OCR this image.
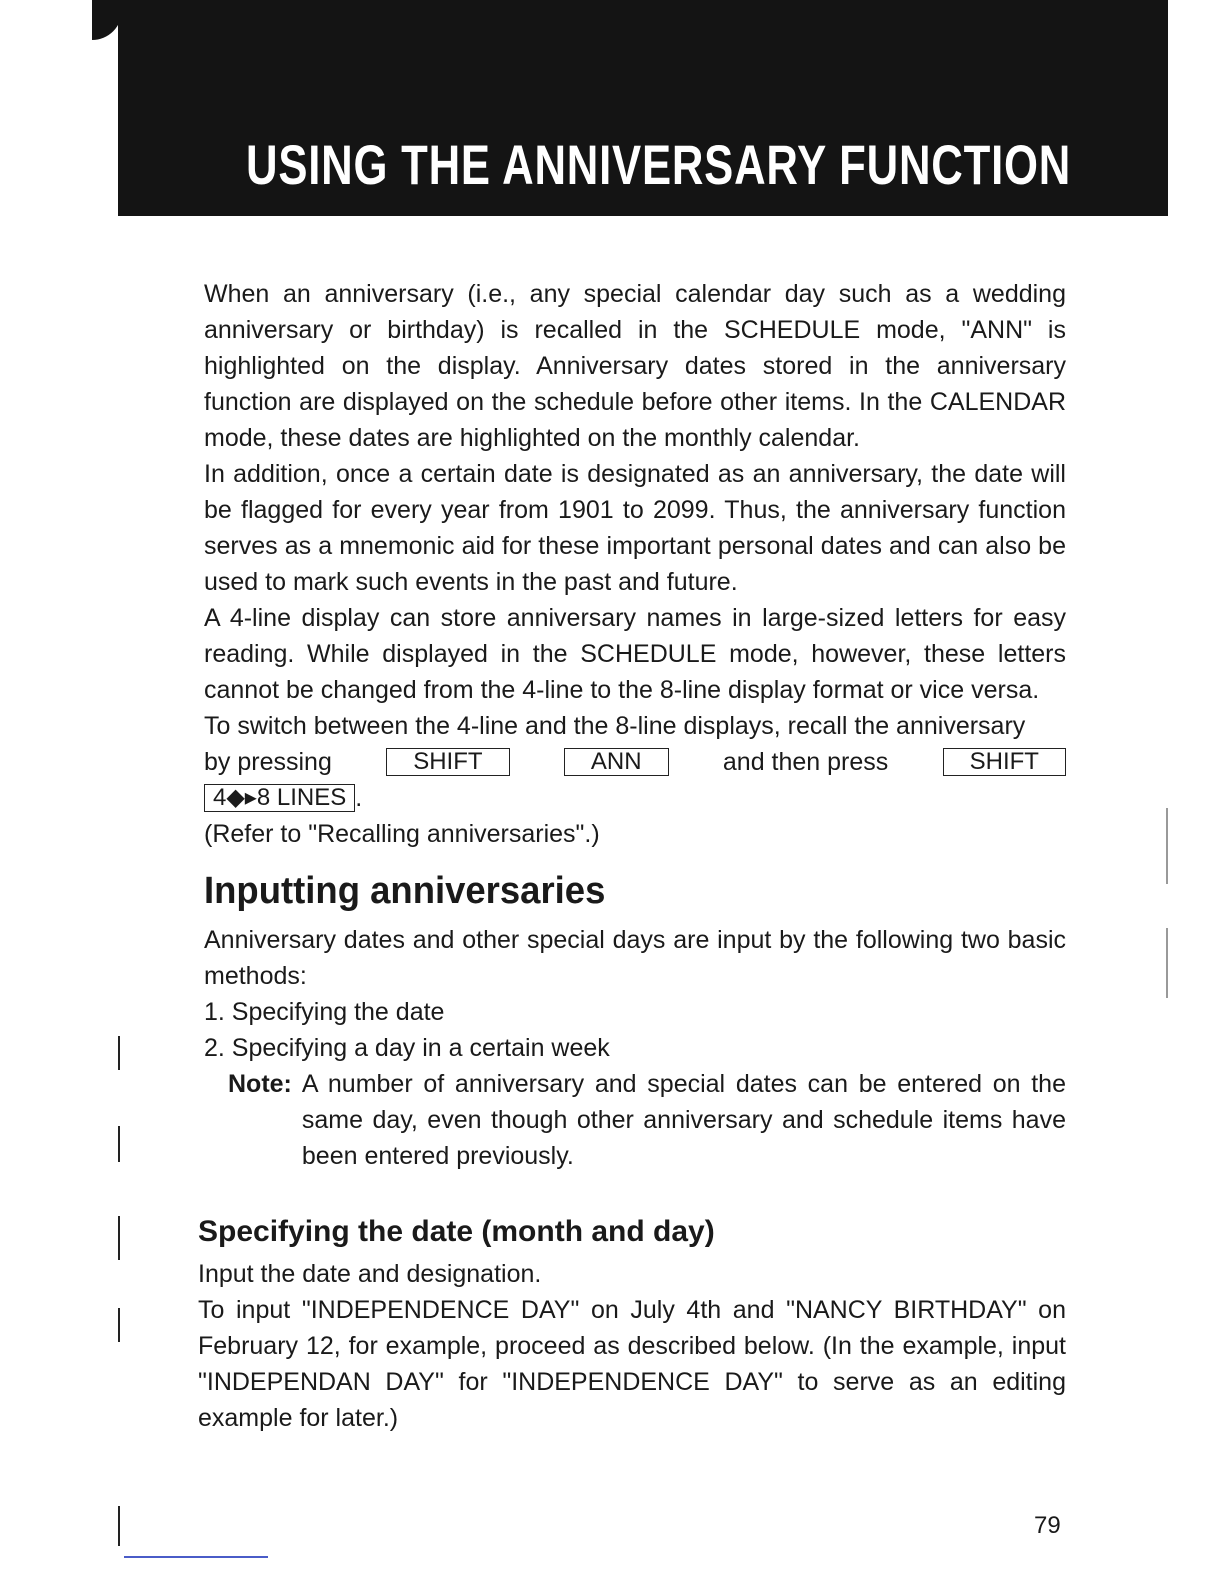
USING THE ANNIVERSARY FUNCTION

When an anniversary (i.e., any special calendar day such as a wedding anniversary or birthday) is recalled in the SCHEDULE mode, "ANN" is highlighted on the display. Anniversary dates stored in the anniversary function are displayed on the schedule before other items. In the CALENDAR mode, these dates are highlighted on the monthly calendar.

In addition, once a certain date is designated as an anniversary, the date will be flagged for every year from 1901 to 2099. Thus, the anniversary function serves as a mnemonic aid for these important personal dates and can also be used to mark such events in the past and future.

A 4-line display can store anniversary names in large-sized letters for easy reading. While displayed in the SCHEDULE mode, however, these letters cannot be changed from the 4-line to the 8-line display format or vice versa.

To switch between the 4-line and the 8-line displays, recall the anniversary

by pressing	SHIFT	ANN	and then press	SHIFT
4◆▸8 LINES .

(Refer to "Recalling anniversaries".)

Inputting anniversaries

Anniversary dates and other special days are input by the following two basic methods:

1. Specifying the date

2. Specifying a day in a certain week

Note: A number of anniversary and special dates can be entered on the same day, even though other anniversary and schedule items have been entered previously.
Specifying the date (month and day)

Input the date and designation.

To input "INDEPENDENCE DAY" on July 4th and "NANCY BIRTHDAY" on February 12, for example, proceed as described below. (In the example, input "INDEPENDAN DAY" for "INDEPENDENCE DAY" to serve as an editing example for later.)

79
